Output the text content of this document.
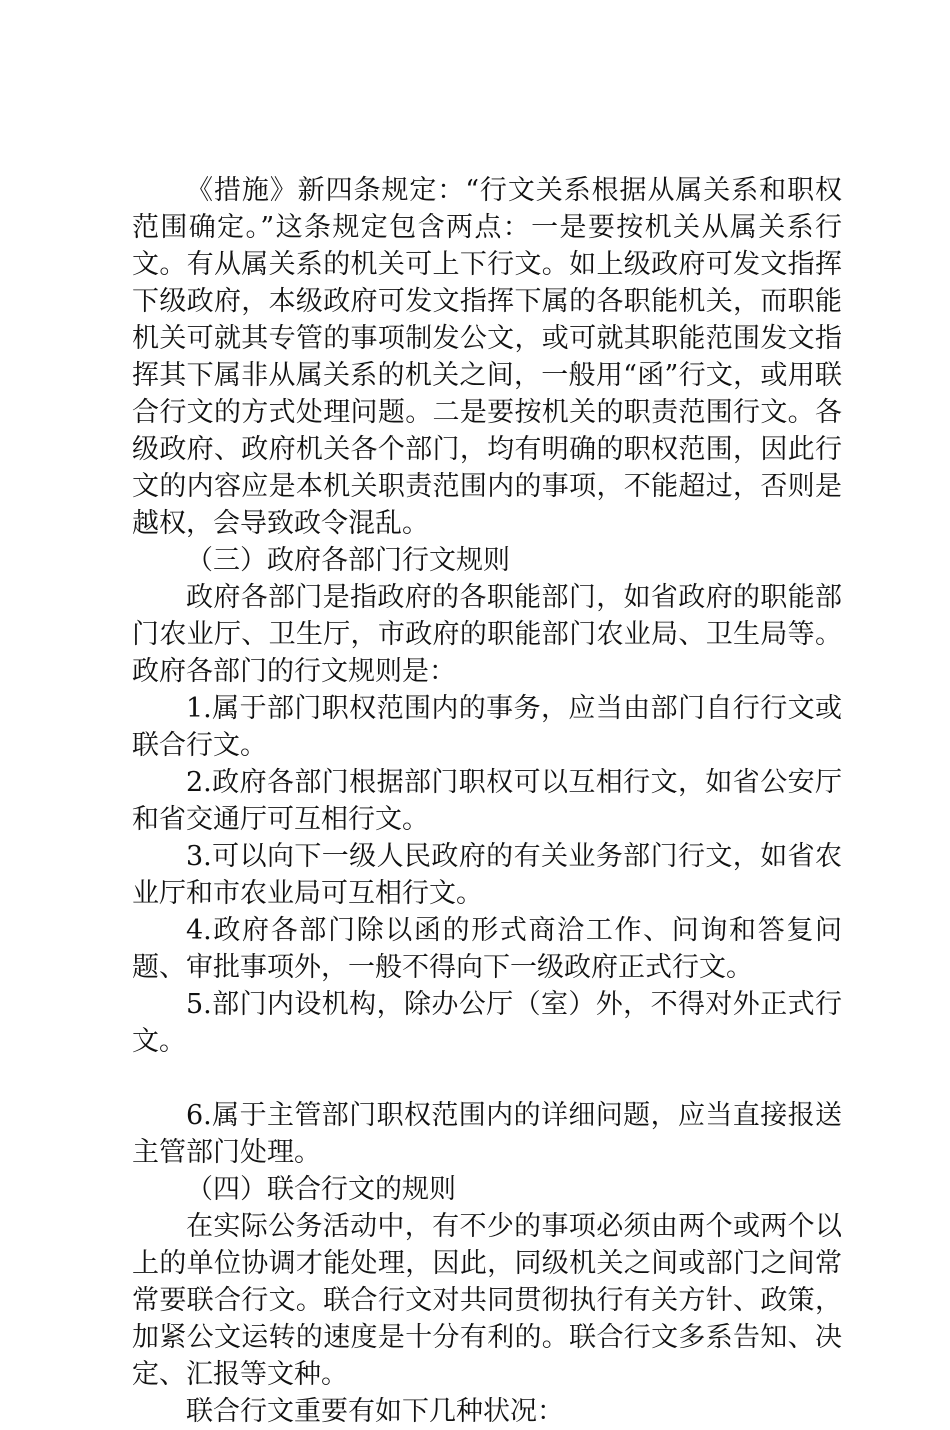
《措施》新四条规定：“行文关系根据从属关系和职权范围确定。”这条规定包含两点：一是要按机关从属关系行文。有从属关系的机关可上下行文。如上级政府可发文指挥下级政府，本级政府可发文指挥下属的各职能机关，而职能机关可就其专管的事项制发公文，或可就其职能范围发文指挥其下属非从属关系的机关之间，一般用“函”行文，或用联合行文的方式处理问题。二是要按机关的职责范围行文。各级政府、政府机关各个部门，均有明确的职权范围，因此行文的内容应是本机关职责范围内的事项，不能超过，否则是越权，会导致政令混乱。

（三）政府各部门行文规则

政府各部门是指政府的各职能部门，如省政府的职能部门农业厅、卫生厅，市政府的职能部门农业局、卫生局等。政府各部门的行文规则是：

1.属于部门职权范围内的事务，应当由部门自行行文或联合行文。

2.政府各部门根据部门职权可以互相行文，如省公安厅和省交通厅可互相行文。

3.可以向下一级人民政府的有关业务部门行文，如省农业厅和市农业局可互相行文。

4.政府各部门除以函的形式商洽工作、问询和答复问题、审批事项外，一般不得向下一级政府正式行文。

5.部门内设机构，除办公厅（室）外，不得对外正式行文。

6.属于主管部门职权范围内的详细问题，应当直接报送主管部门处理。

（四）联合行文的规则

在实际公务活动中，有不少的事项必须由两个或两个以上的单位协调才能处理，因此，同级机关之间或部门之间常常要联合行文。联合行文对共同贯彻执行有关方针、政策，加紧公文运转的速度是十分有利的。联合行文多系告知、决定、汇报等文种。

联合行文重要有如下几种状况：
